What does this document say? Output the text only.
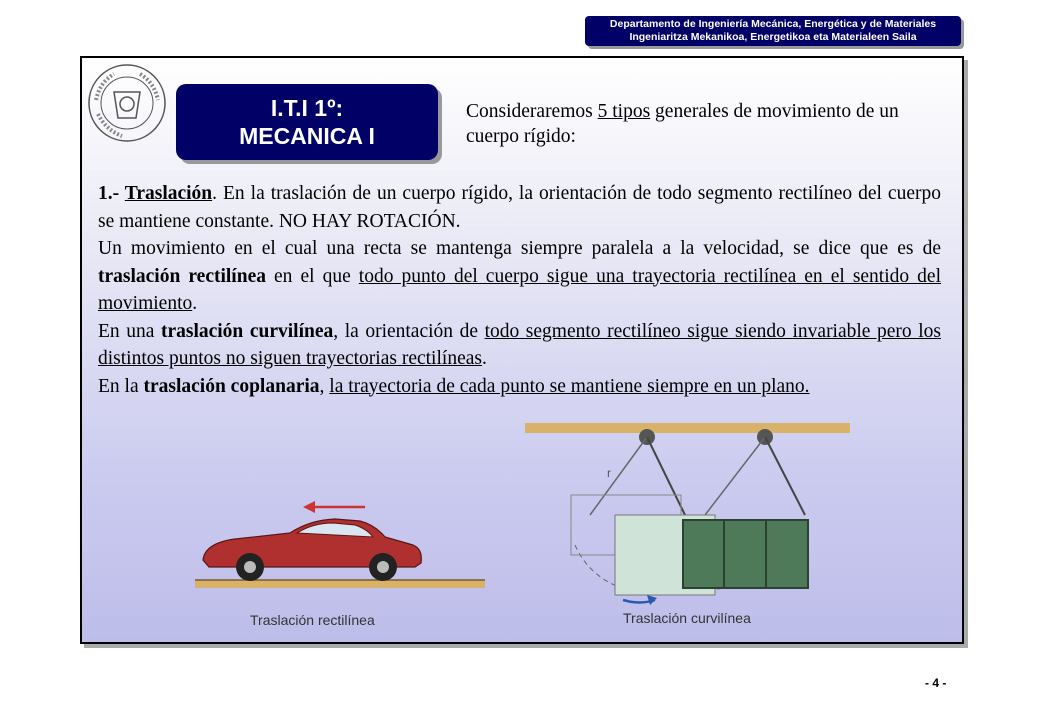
Departamento de Ingeniería Mecánica, Energética y de Materiales
Ingeniaritza Mekanikoa, Energetikoa eta Materialeen Saila
I.T.I 1º:
MECANICA I
Consideraremos 5 tipos generales de movimiento de un cuerpo rígido:

1.- Traslación. En la traslación de un cuerpo rígido, la orientación de todo segmento rectilíneo del cuerpo se mantiene constante. NO HAY ROTACIÓN.

Un movimiento en el cual una recta se mantenga siempre paralela a la velocidad, se dice que es de traslación rectilínea en el que todo punto del cuerpo sigue una trayectoria rectilínea en el sentido del movimiento.

En una traslación curvilínea, la orientación de todo segmento rectilíneo sigue siendo invariable pero los distintos puntos no siguen trayectorias rectilíneas.

En la traslación coplanaria, la trayectoria de cada punto se mantiene siempre en un plano.

Traslación rectilínea
r
Traslación curvilínea
- 4 -
